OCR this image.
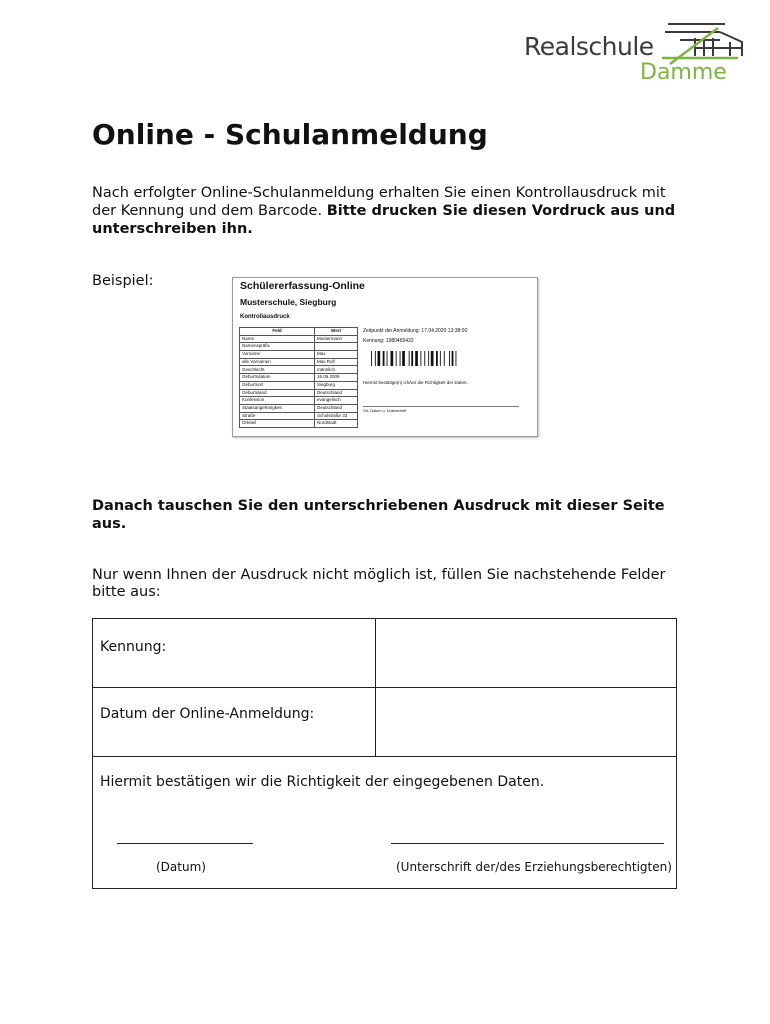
Realschule
Damme
Online - Schulanmeldung
Nach erfolgter Online-Schulanmeldung erhalten Sie einen Kontrollausdruck mit der Kennung und dem Barcode. Bitte drucken Sie diesen Vordruck aus und unterschreiben ihn.
Beispiel:	Schülererfassung-Online
Musterschule, Siegburg
Kontrollausdruck
Feld	Wert
Name	Mustermann
Namenspräfix	
Vorname	Max
alle Vornamen	Max Rolf
Geschlecht	männlich
Geburtsdatum	16.06.2009
Geburtsort	Siegburg
Geburtsland	Deutschland
Konfession	evangelisch
Staatsangehörigkeit	Deutschland
Straße	Schulstraße 33
Ortsteil	Nordstadt
Zeitpunkt der Anmeldung: 17.04.2020 13:38:00
Kennung: 1980465432
Hiermit bestätige(n) ich/wir die Richtigkeit der Daten.
Ort, Datum u. Unterschrift
Danach tauschen Sie den unterschriebenen Ausdruck mit dieser Seite aus.
Nur wenn Ihnen der Ausdruck nicht möglich ist, füllen Sie nachstehende Felder bitte aus:
Kennung:
Datum der Online-Anmeldung:
Hiermit bestätigen wir die Richtigkeit der eingegebenen Daten.
(Datum)	(Unterschrift der/des Erziehungsberechtigten)
